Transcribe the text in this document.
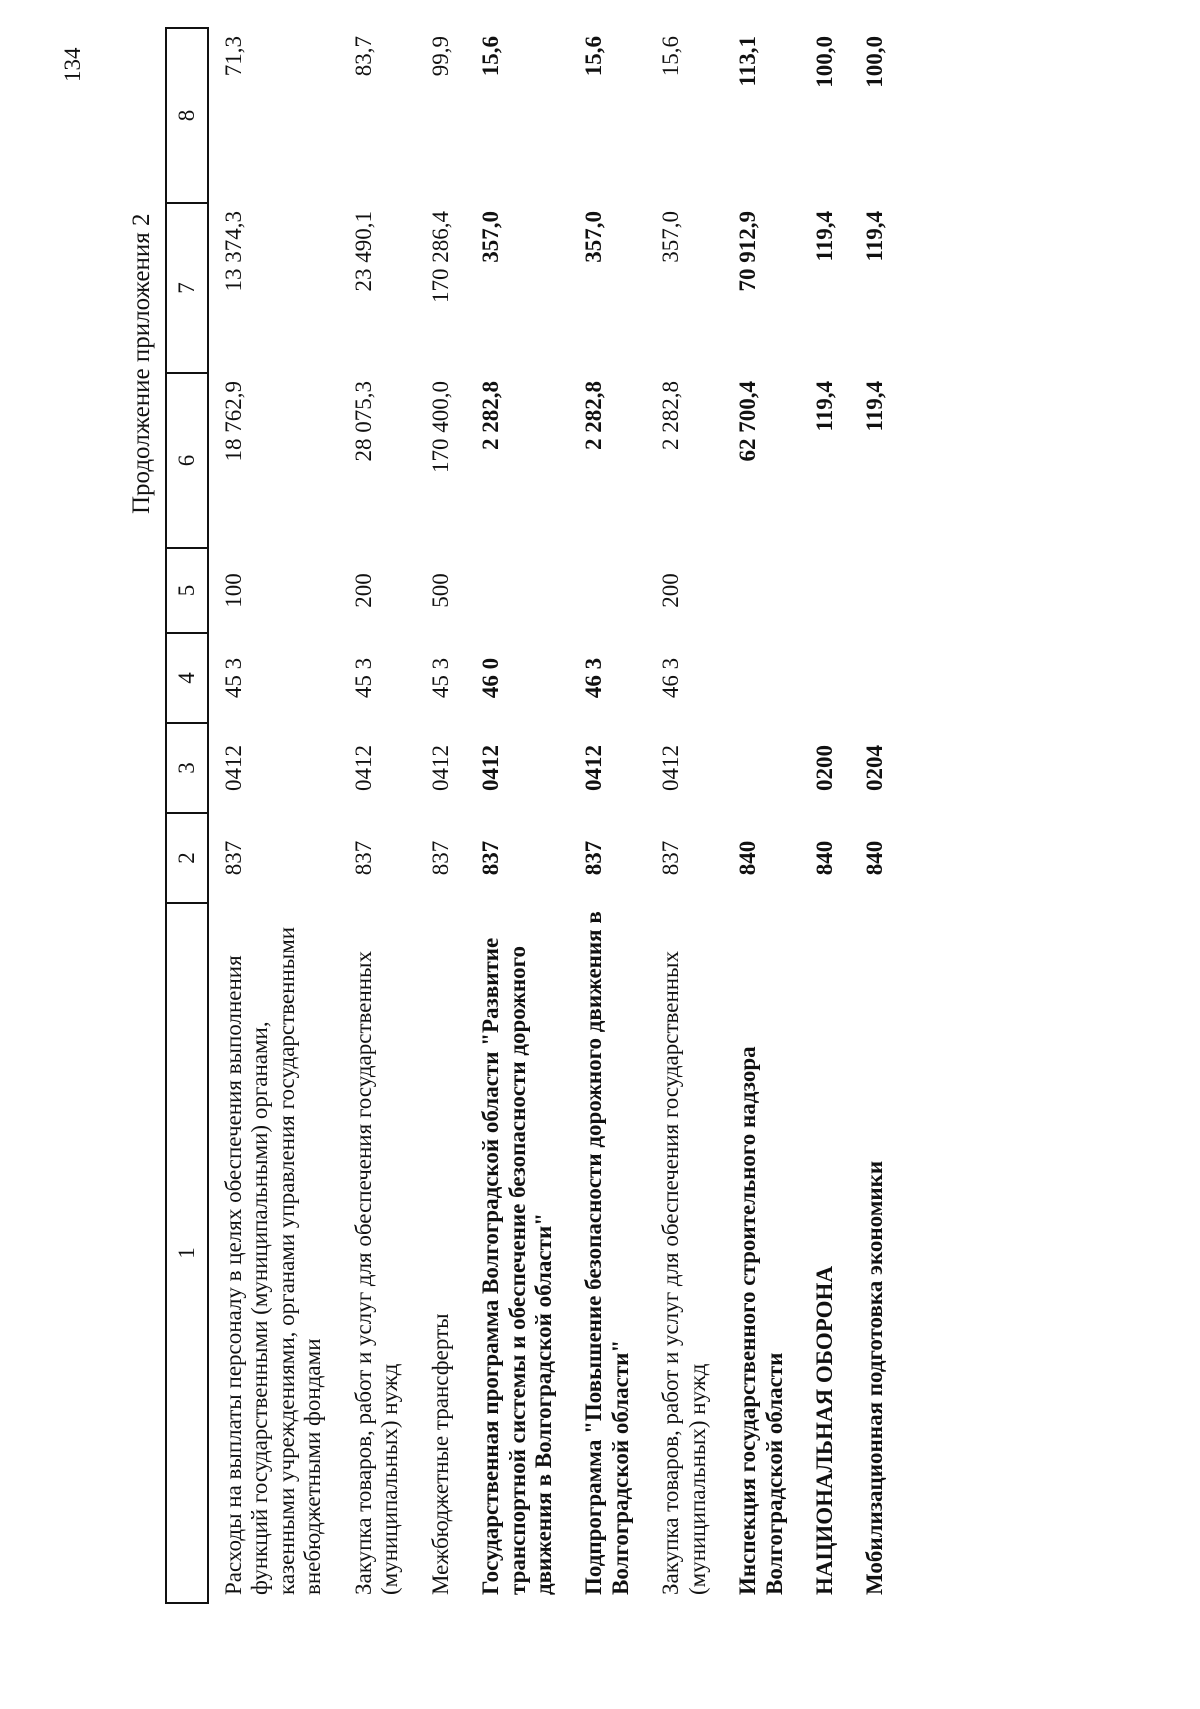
134
Продолжение приложения 2
1	2	3	4	5	6	7	8
Расходы на выплаты персоналу в целях обеспечения выполнения функций государственными (муниципальными) органами, казенными учреждениями, органами управления государственными внебюджетными фондами	837	0412	45 3	100	18 762,9	13 374,3	71,3
Закупка товаров, работ и услуг для обеспечения государственных (муниципальных) нужд	837	0412	45 3	200	28 075,3	23 490,1	83,7
Межбюджетные трансферты	837	0412	45 3	500	170 400,0	170 286,4	99,9
Государственная программа Волгоградской области "Развитие транспортной системы и обеспечение безопасности дорожного движения в Волгоградской области"	837	0412	46 0		2 282,8	357,0	15,6
Подпрограмма "Повышение безопасности дорожного движения в Волгоградской области"	837	0412	46 3		2 282,8	357,0	15,6
Закупка товаров, работ и услуг для обеспечения государственных (муниципальных) нужд	837	0412	46 3	200	2 282,8	357,0	15,6
Инспекция государственного строительного надзора Волгоградской области	840				62 700,4	70 912,9	113,1
НАЦИОНАЛЬНАЯ ОБОРОНА	840	0200			119,4	119,4	100,0
Мобилизационная подготовка экономики	840	0204			119,4	119,4	100,0
